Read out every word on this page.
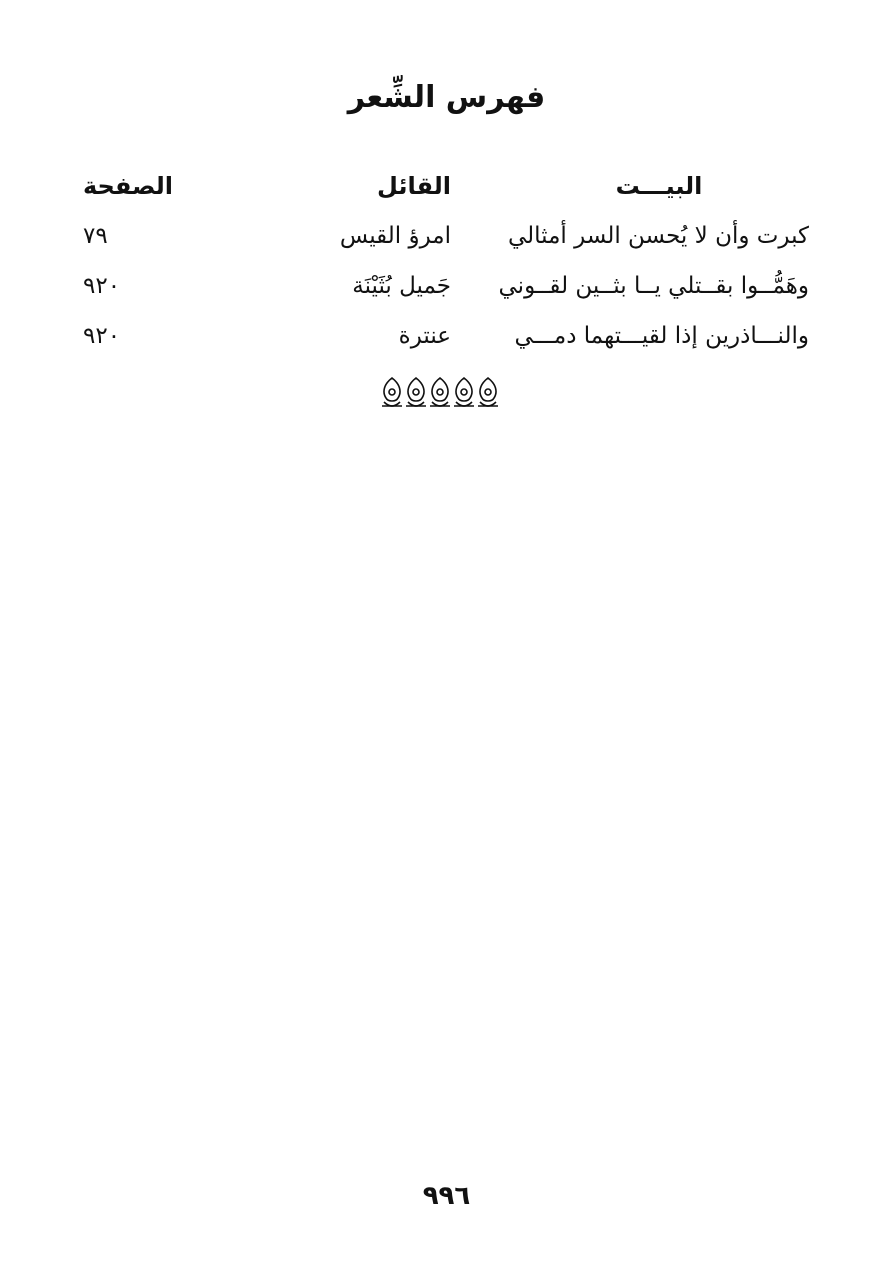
فهرس الشِّعر
البيـــت
القائل
الصفحة
كبرت وأن لا يُحسن السر أمثالي
امرؤ القيس
٧٩
وهَمُّــوا بقــتلي يــا بثــين لقــوني
جَميل بُثَيْنَة
٩٢٠
والنـــاذرين إذا لقيـــتهما دمـــي
عنترة
٩٢٠
٩٩٦
